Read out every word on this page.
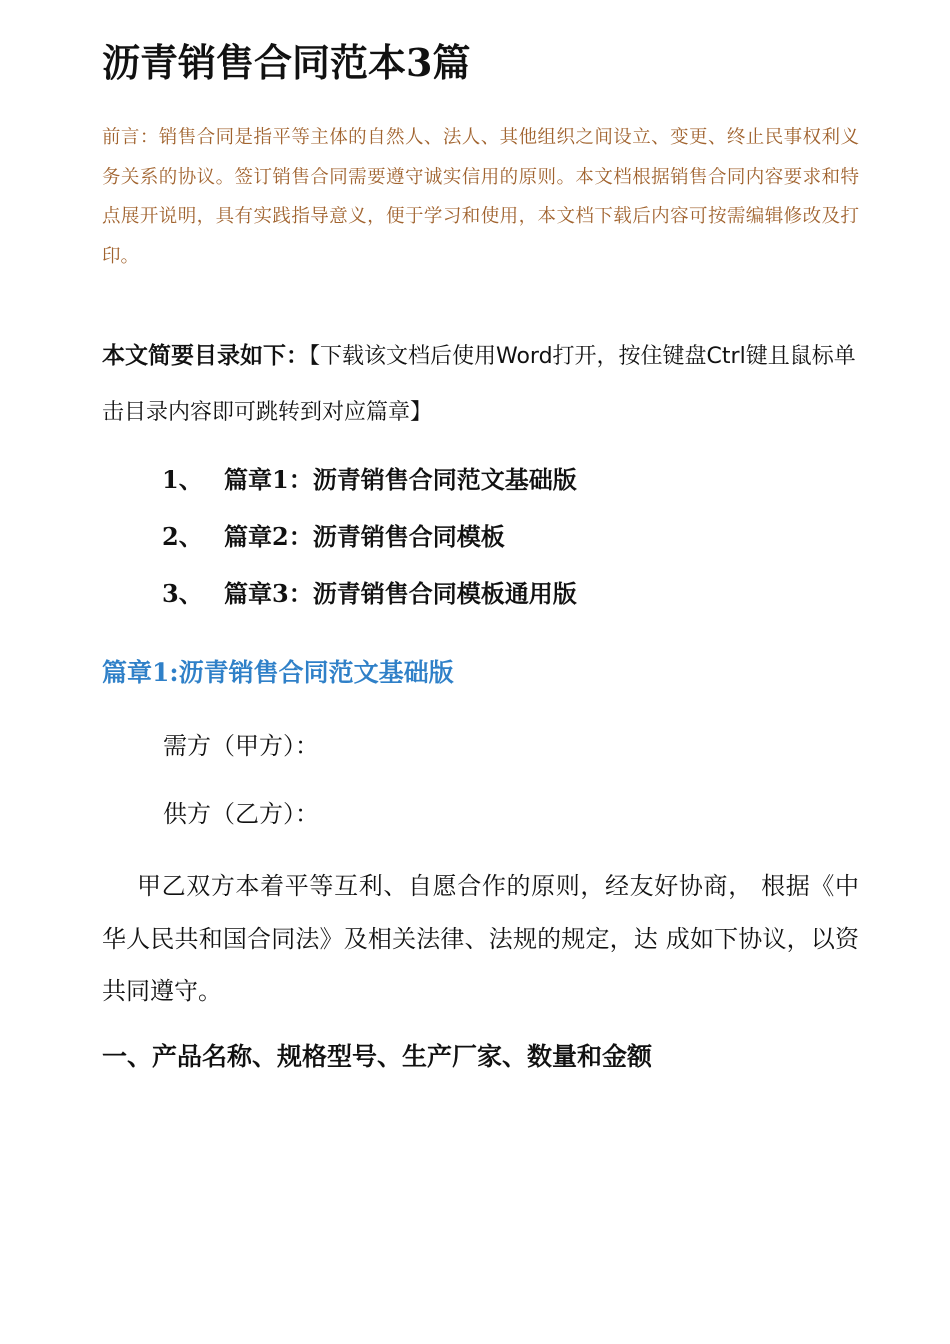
沥青销售合同范本3篇

前言：销售合同是指平等主体的自然人、法人、其他组织之间设立、变更、终止民事权利义务关系的协议。签订销售合同需要遵守诚实信用的原则。本文档根据销售合同内容要求和特点展开说明，具有实践指导意义，便于学习和使用，本文档下载后内容可按需编辑修改及打印。

本文简要目录如下：【下载该文档后使用Word打开，按住键盘Ctrl键且鼠标单击目录内容即可跳转到对应篇章】

1、 篇章1：沥青销售合同范文基础版
2、 篇章2：沥青销售合同模板
3、 篇章3：沥青销售合同模板通用版
篇章1:沥青销售合同范文基础版

需方（甲方）：

供方（乙方）：

甲乙双方本着平等互利、自愿合作的原则，经友好协商， 根据《中华人民共和国合同法》及相关法律、法规的规定，达 成如下协议，以资共同遵守。

一、产品名称、规格型号、生产厂家、数量和金额
